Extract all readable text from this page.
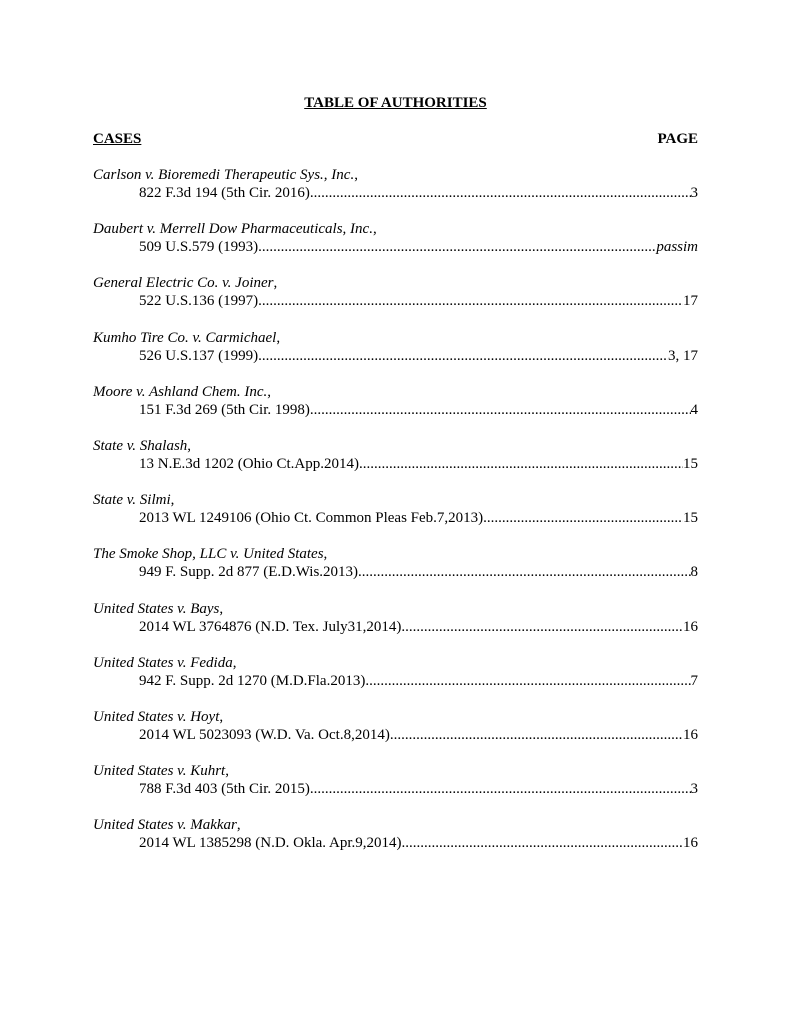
TABLE OF AUTHORITIES
CASES	PAGE
Carlson v. Bioremedi Therapeutic Sys., Inc.,
822 F.3d 194 (5th Cir. 2016) .....	3
Daubert v. Merrell Dow Pharmaceuticals, Inc.,
509 U.S.579 (1993) .....	passim
General Electric Co. v. Joiner,
522 U.S.136 (1997) .....	17
Kumho Tire Co. v. Carmichael,
526 U.S.137 (1999) .....	3, 17
Moore v. Ashland Chem. Inc.,
151 F.3d 269 (5th Cir. 1998) .....	4
State v. Shalash,
13 N.E.3d 1202 (Ohio Ct.App.2014) .....	15
State v. Silmi,
2013 WL 1249106 (Ohio Ct. Common Pleas Feb.7,2013) .....	15
The Smoke Shop, LLC v. United States,
949 F. Supp. 2d 877 (E.D.Wis.2013) .....	8
United States v. Bays,
2014 WL 3764876 (N.D. Tex. July31,2014) .....	16
United States v. Fedida,
942 F. Supp. 2d 1270 (M.D.Fla.2013) .....	7
United States v. Hoyt,
2014 WL 5023093 (W.D. Va. Oct.8,2014) .....	16
United States v. Kuhrt,
788 F.3d 403 (5th Cir. 2015) .....	3
United States v. Makkar,
2014 WL 1385298 (N.D. Okla. Apr.9,2014) .....	16
